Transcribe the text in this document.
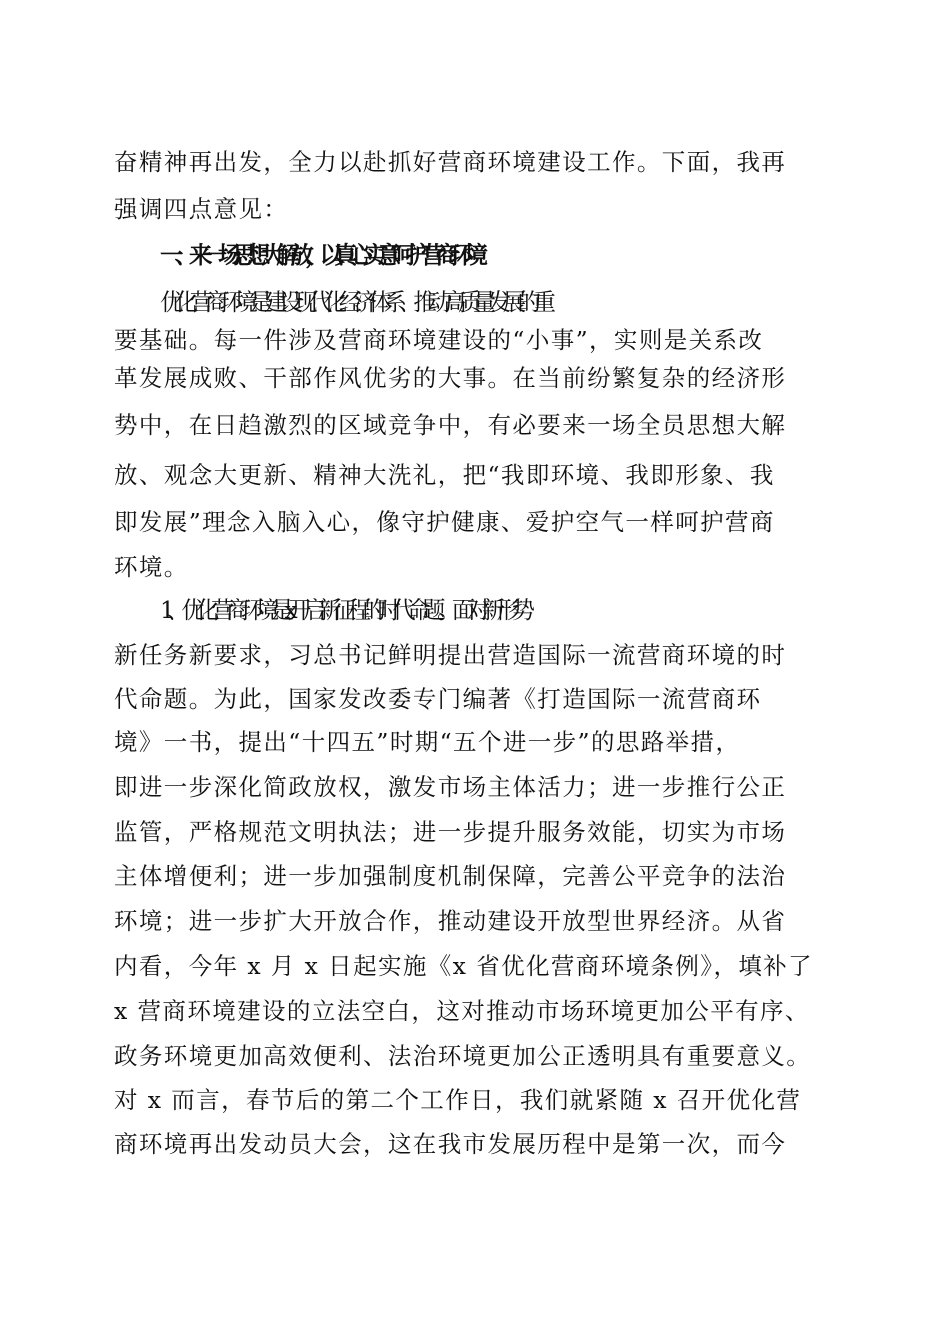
奋精神再出发，全力以赴抓好营商环境建设工作。下面，我再
强调四点意见：
一、来一场思想大解放，以真心实意呵护营商环境
优化营商环境是建设现代化经济体系、推动高质量发展的重
要基础。每一件涉及营商环境建设的“小事”，实则是关系改
革发展成败、干部作风优劣的大事。在当前纷繁复杂的经济形
势中，在日趋激烈的区域竞争中，有必要来一场全员思想大解
放、观念大更新、精神大洗礼，把“我即环境、我即形象、我
即发展”理念入脑入心，像守护健康、爱护空气一样呵护营商
环境。
1、优化营商环境是 x 开启新征程的时代命题。面对新形势
新任务新要求，习总书记鲜明提出营造国际一流营商环境的时
代命题。为此，国家发改委专门编著《打造国际一流营商环
境》一书，提出“十四五”时期“五个进一步”的思路举措，
即进一步深化简政放权，激发市场主体活力；进一步推行公正
监管，严格规范文明执法；进一步提升服务效能，切实为市场
主体增便利；进一步加强制度机制保障，完善公平竞争的法治
环境；进一步扩大开放合作，推动建设开放型世界经济。从省
内看，今年 x 月 x 日起实施《x 省优化营商环境条例》，填补了
x 营商环境建设的立法空白，这对推动市场环境更加公平有序、
政务环境更加高效便利、法治环境更加公正透明具有重要意义。
对 x 而言，春节后的第二个工作日，我们就紧随 x 召开优化营
商环境再出发动员大会，这在我市发展历程中是第一次，而今
